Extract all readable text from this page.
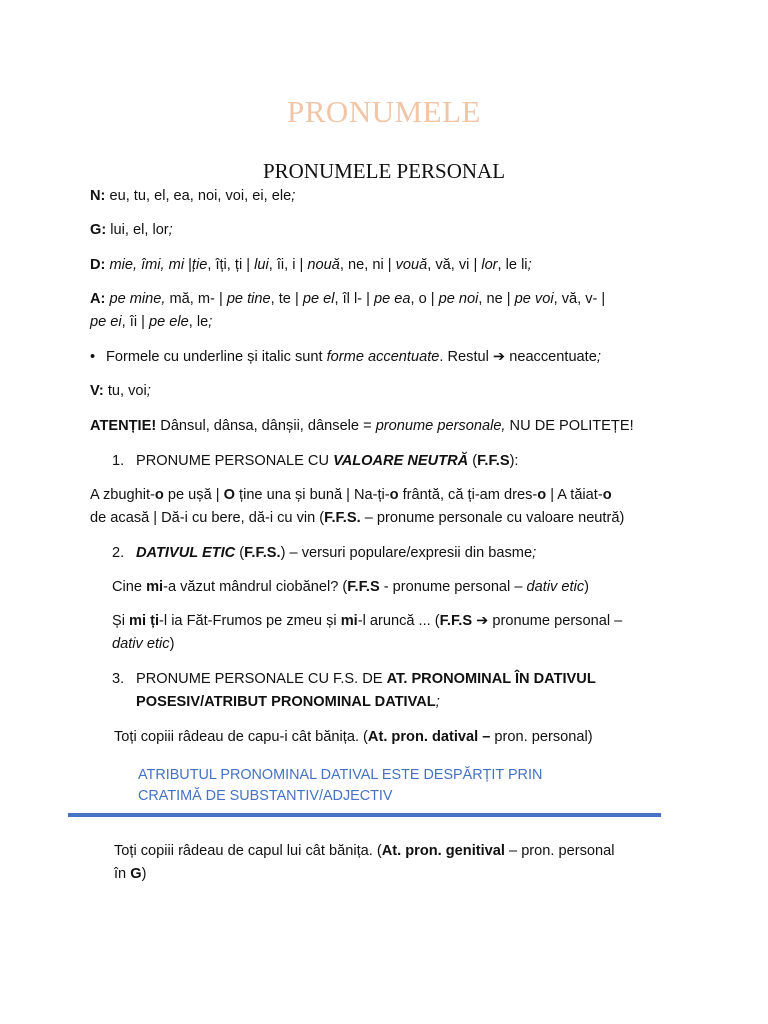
PRONUMELE
PRONUMELE PERSONAL
N: eu, tu, el, ea, noi, voi, ei, ele;
G: lui, el, lor;
D: mie, îmi, mi |ție, îți, ți | lui, îi, i | nouă, ne, ni | vouă, vă, vi | lor, le li;
A: pe mine, mă, m- | pe tine, te | pe el, îl l- | pe ea, o | pe noi, ne | pe voi, vă, v- |
pe ei, îi | pe ele, le;
• Formele cu underline și italic sunt forme accentuate. Restul ➔ neaccentuate;
V: tu, voi;
ATENȚIE! Dânsul, dânsa, dânșii, dânsele = pronume personale, NU DE POLITEȚE!
1. PRONUME PERSONALE CU VALOARE NEUTRĂ (F.F.S):
A zbughit-o pe ușă | O ține una și bună | Na-ți-o frântă, că ți-am dres-o | A tăiat-o
de acasă | Dă-i cu bere, dă-i cu vin (F.F.S. – pronume personale cu valoare neutră)
2. DATIVUL ETIC (F.F.S.) – versuri populare/expresii din basme;
Cine mi-a văzut mândrul ciobănel? (F.F.S - pronume personal – dativ etic)
Și mi ți-l ia Făt-Frumos pe zmeu și mi-l aruncă ... (F.F.S ➔ pronume personal –
dativ etic)
3. PRONUME PERSONALE CU F.S. DE AT. PRONOMINAL ÎN DATIVUL
POSESIV/ATRIBUT PRONOMINAL DATIVAL;
Toți copiii râdeau de capu-i cât bănița. (At. pron. datival – pron. personal)
ATRIBUTUL PRONOMINAL DATIVAL ESTE DESPĂRȚIT PRIN
CRATIMĂ DE SUBSTANTIV/ADJECTIV
Toți copiii râdeau de capul lui cât bănița. (At. pron. genitival – pron. personal
în G)
